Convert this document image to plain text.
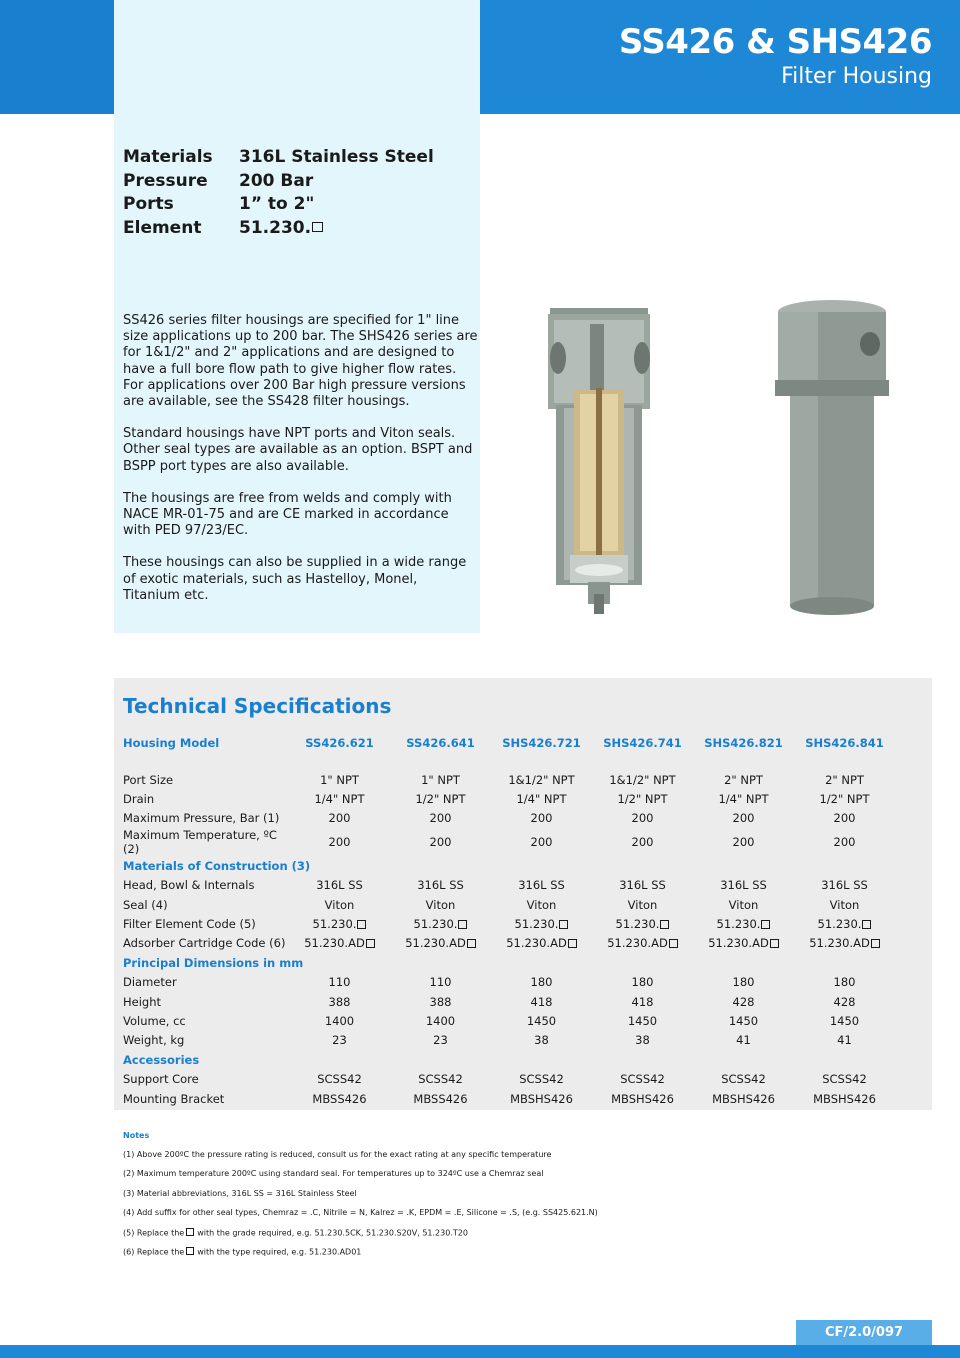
SS426 & SHS426
Filter Housing
Materials	316L Stainless Steel
Pressure	200 Bar
Ports	1” to 2"
Element	51.230.

SS426 series filter housings are specified for 1" line size applications up to 200 bar. The SHS426 series are for 1&1/2" and 2" applications and are designed to have a full bore flow path to give higher flow rates. For applications over 200 Bar high pressure versions are available, see the SS428 filter housings.

Standard housings have NPT ports and Viton seals. Other seal types are available as an option. BSPT and BSPP port types are also available.

The housings are free from welds and comply with NACE MR-01-75 and are CE marked in accordance with PED 97/23/EC.

These housings can also be supplied in a wide range of exotic materials, such as Hastelloy, Monel, Titanium etc.

Technical Specifications
Housing Model	SS426.621	SS426.641	SHS426.721	SHS426.741	SHS426.821	SHS426.841

Port Size	1" NPT	1" NPT	1&1/2" NPT	1&1/2" NPT	2" NPT	2" NPT
Drain	1/4" NPT	1/2" NPT	1/4" NPT	1/2" NPT	1/4" NPT	1/2" NPT
Maximum Pressure, Bar (1)	200	200	200	200	200	200
Maximum Temperature, ºC (2)	200	200	200	200	200	200
Materials of Construction (3)						
Head, Bowl & Internals	316L SS	316L SS	316L SS	316L SS	316L SS	316L SS
Seal (4)	Viton	Viton	Viton	Viton	Viton	Viton
Filter Element Code (5)	51.230.	51.230.	51.230.	51.230.	51.230.	51.230.
Adsorber Cartridge Code (6)	51.230.AD	51.230.AD	51.230.AD	51.230.AD	51.230.AD	51.230.AD
Principal Dimensions in mm						
Diameter	110	110	180	180	180	180
Height	388	388	418	418	428	428
Volume, cc	1400	1400	1450	1450	1450	1450
Weight, kg	23	23	38	38	41	41
Accessories						
Support Core	SCSS42	SCSS42	SCSS42	SCSS42	SCSS42	SCSS42
Mounting Bracket	MBSS426	MBSS426	MBSHS426	MBSHS426	MBSHS426	MBSHS426
Notes
(1) Above 200ºC the pressure rating is reduced, consult us for the exact rating at any specific temperature
(2) Maximum temperature 200ºC using standard seal. For temperatures up to 324ºC use a Chemraz seal
(3) Material abbreviations, 316L SS = 316L Stainless Steel
(4) Add suffix for other seal types, Chemraz = .C, Nitrile = N, Kalrez = .K, EPDM = .E, Silicone = .S, (e.g. SS425.621.N)
(5) Replace the with the grade required, e.g. 51.230.5CK, 51.230.S20V, 51.230.T20
(6) Replace the with the type required, e.g. 51.230.AD01
CF/2.0/097
